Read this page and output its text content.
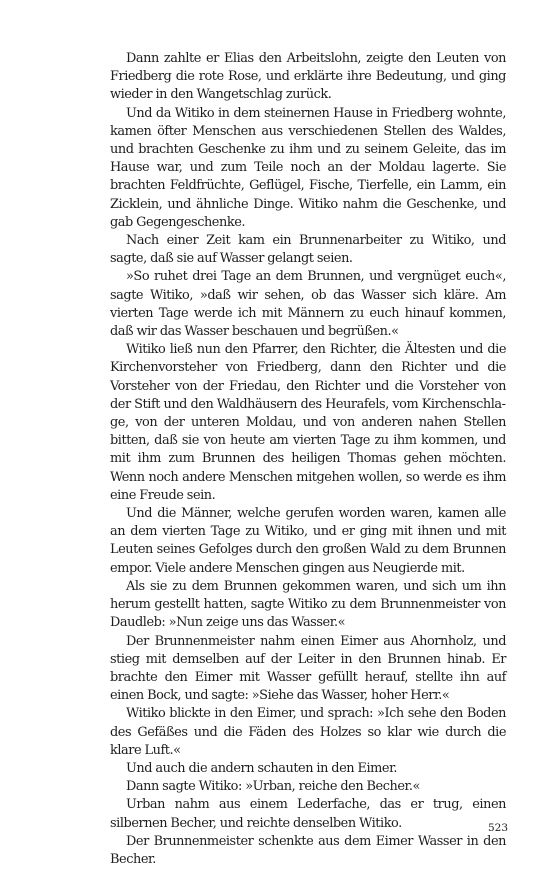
Dann zahlte er Elias den Arbeitslohn, zeigte den Leuten von Friedberg die rote Rose, und erklärte ihre Bedeutung, und ging wieder in den Wangetschlag zurück.

Und da Witiko in dem steinernen Hause in Friedberg wohnte, kamen öfter Menschen aus verschiedenen Stellen des Waldes, und brachten Geschenke zu ihm und zu seinem Geleite, das im Hause war, und zum Teile noch an der Moldau lagerte. Sie brachten Feldfrüchte, Geflügel, Fische, Tierfelle, ein Lamm, ein Zicklein, und ähnliche Dinge. Witiko nahm die Geschenke, und gab Gegengeschenke.

Nach einer Zeit kam ein Brunnenarbeiter zu Witiko, und sagte, daß sie auf Wasser gelangt seien.

»So ruhet drei Tage an dem Brunnen, und vergnüget euch«, sagte Witiko, »daß wir sehen, ob das Wasser sich kläre. Am vierten Tage werde ich mit Männern zu euch hinauf kommen, daß wir das Wasser beschauen und begrüßen.«

Witiko ließ nun den Pfarrer, den Richter, die Ältesten und die Kirchenvorsteher von Friedberg, dann den Richter und die Vorsteher von der Friedau, den Richter und die Vorsteher von der Stift und den Waldhäusern des Heurafels, vom Kirchenschlage, von der unteren Moldau, und von anderen nahen Stellen bitten, daß sie von heute am vierten Tage zu ihm kommen, und mit ihm zum Brunnen des heiligen Thomas gehen möchten. Wenn noch andere Menschen mitgehen wollen, so werde es ihm eine Freude sein.

Und die Männer, welche gerufen worden waren, kamen alle an dem vierten Tage zu Witiko, und er ging mit ihnen und mit Leuten seines Gefolges durch den großen Wald zu dem Brunnen empor. Viele andere Menschen gingen aus Neugierde mit.

Als sie zu dem Brunnen gekommen waren, und sich um ihn herum gestellt hatten, sagte Witiko zu dem Brunnenmeister von Daudleb: »Nun zeige uns das Wasser.«

Der Brunnenmeister nahm einen Eimer aus Ahornholz, und stieg mit demselben auf der Leiter in den Brunnen hinab. Er brachte den Eimer mit Wasser gefüllt herauf, stellte ihn auf einen Bock, und sagte: »Siehe das Wasser, hoher Herr.«

Witiko blickte in den Eimer, und sprach: »Ich sehe den Boden des Gefäßes und die Fäden des Holzes so klar wie durch die klare Luft.«

Und auch die andern schauten in den Eimer.

Dann sagte Witiko: »Urban, reiche den Becher.«

Urban nahm aus einem Lederfache, das er trug, einen silbernen Becher, und reichte denselben Witiko.

Der Brunnenmeister schenkte aus dem Eimer Wasser in den Becher.

523
